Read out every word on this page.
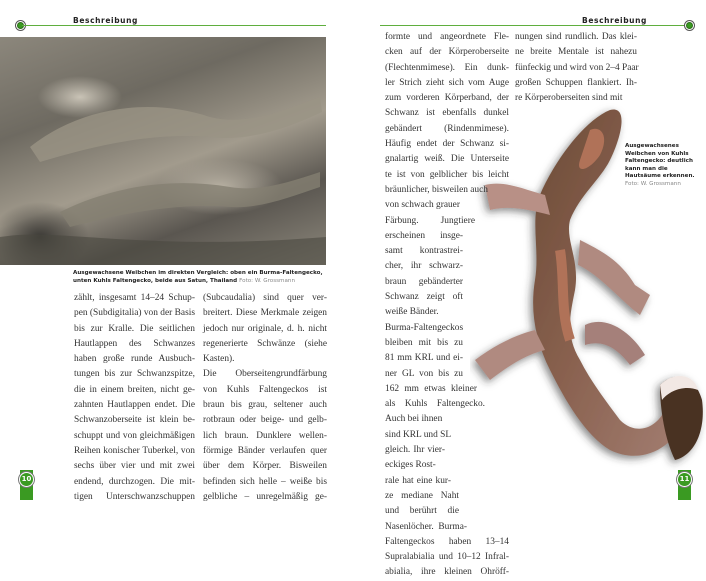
Beschreibung
Ausgewachsene Weibchen im direkten Vergleich: oben ein Burma-Faltengecko, unten Kuhls Faltengecko, beide aus Satun, Thailand Foto: W. Grossmann
zählt, insgesamt 14–24 Schup-
pen (Subdigitalia) von der Basis
bis zur Kralle. Die seitlichen
Hautlappen des Schwanzes
haben große runde Ausbuch-
tungen bis zur Schwanzspitze,
die in einem breiten, nicht ge-
zahnten Hautlappen endet. Die
Schwanzoberseite ist klein be-
schuppt und von gleichmäßigen
Reihen konischer Tuberkel, von
sechs über vier und mit zwei
endend, durchzogen. Die mit-
tigen Unterschwanzschuppen
(Subcaudalia) sind quer ver-
breitert. Diese Merkmale zeigen
jedoch nur originale, d. h. nicht
regenerierte Schwänze (siehe
Kasten).
Die Oberseitengrundfärbung
von Kuhls Faltengeckos ist
braun bis grau, seltener auch
rotbraun oder beige- und gelb-
lich braun. Dunklere wellen-
förmige Bänder verlaufen quer
über dem Körper. Bisweilen
befinden sich helle – weiße bis
gelbliche – unregelmäßig ge-
10
Beschreibung
Ausgewachsenes Weibchen von Kuhls Faltengecko: deutlich kann man die Hautsäume erkennen. Foto: W. Grossmann
formte und angeordnete Fle-
cken auf der Körperoberseite
(Flechtenmimese). Ein dunk-
ler Strich zieht sich vom Auge
zum vorderen Körperband, der
Schwanz ist ebenfalls dunkel
gebändert (Rindenmimese).
Häufig endet der Schwanz si-
gnalartig weiß. Die Unterseite
te ist von gelblicher bis leicht
bräunlicher, bisweilen auch
von schwach grauer
Färbung. Jungtiere
erscheinen insge-
samt kontrastrei-
cher, ihr schwarz-
braun gebänderter
Schwanz zeigt oft
weiße Bänder.
Burma-Faltengeckos
bleiben mit bis zu
81 mm KRL und ei-
ner GL von bis zu
162 mm etwas kleiner
als Kuhls Faltengecko.
Auch bei ihnen
sind KRL und SL
gleich. Ihr vier-
eckiges Rost-
rale hat eine kur-
ze mediane Naht
und berührt die
Nasenlöcher. Burma-
Faltengeckos haben 13–14
Supralabialia und 10–12 Infral-
abialia, ihre kleinen Ohröff-
nungen sind rundlich. Das klei-
ne breite Mentale ist nahezu
fünfeckig und wird von 2–4 Paar
großen Schuppen flankiert. Ih-
re Körperoberseiten sind mit
11
